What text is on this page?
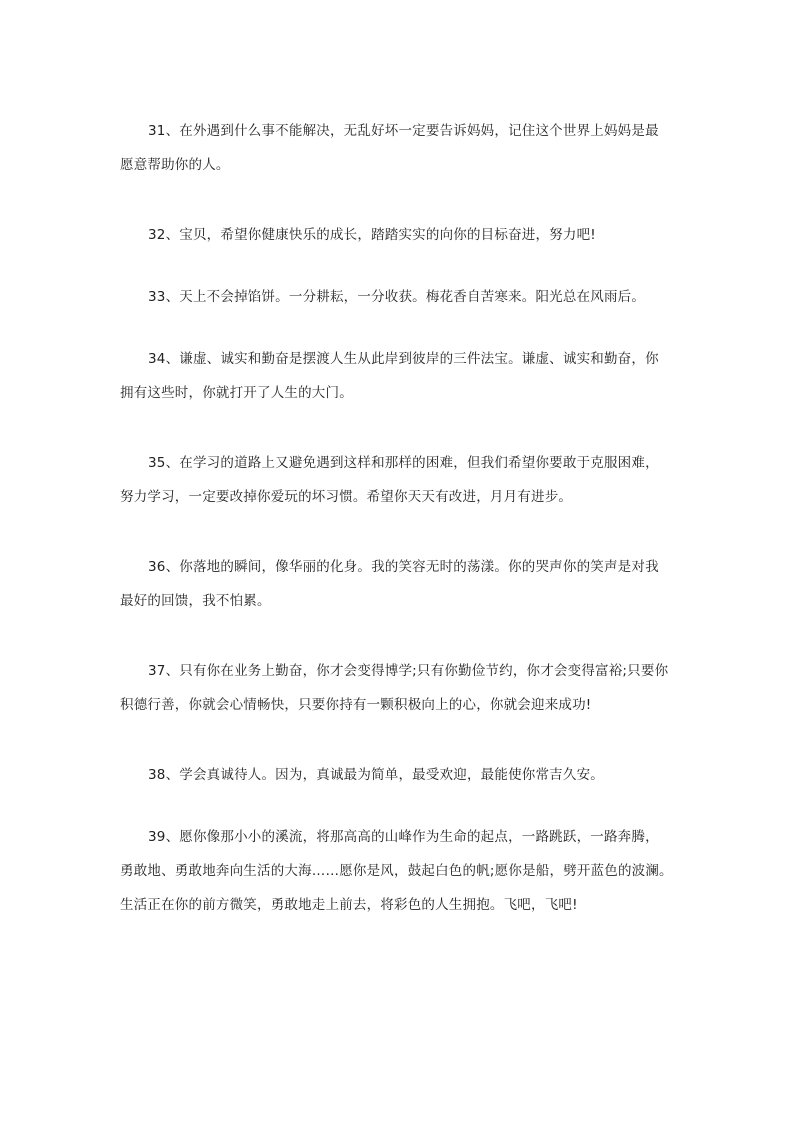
31、在外遇到什么事不能解决，无乱好坏一定要告诉妈妈，记住这个世界上妈妈是最
愿意帮助你的人。

32、宝贝，希望你健康快乐的成长，踏踏实实的向你的目标奋进，努力吧!

33、天上不会掉馅饼。一分耕耘，一分收获。梅花香自苦寒来。阳光总在风雨后。

34、谦虚、诚实和勤奋是摆渡人生从此岸到彼岸的三件法宝。谦虚、诚实和勤奋，你
拥有这些时，你就打开了人生的大门。

35、在学习的道路上又避免遇到这样和那样的困难，但我们希望你要敢于克服困难，
努力学习，一定要改掉你爱玩的坏习惯。希望你天天有改进，月月有进步。

36、你落地的瞬间，像华丽的化身。我的笑容无时的荡漾。你的哭声你的笑声是对我
最好的回馈，我不怕累。

37、只有你在业务上勤奋，你才会变得博学;只有你勤俭节约，你才会变得富裕;只要你
积德行善，你就会心情畅快，只要你持有一颗积极向上的心，你就会迎来成功!

38、学会真诚待人。因为，真诚最为简单，最受欢迎，最能使你常吉久安。

39、愿你像那小小的溪流，将那高高的山峰作为生命的起点，一路跳跃，一路奔腾，
勇敢地、勇敢地奔向生活的大海……愿你是风，鼓起白色的帆;愿你是船，劈开蓝色的波澜。
生活正在你的前方微笑，勇敢地走上前去，将彩色的人生拥抱。飞吧，飞吧!
